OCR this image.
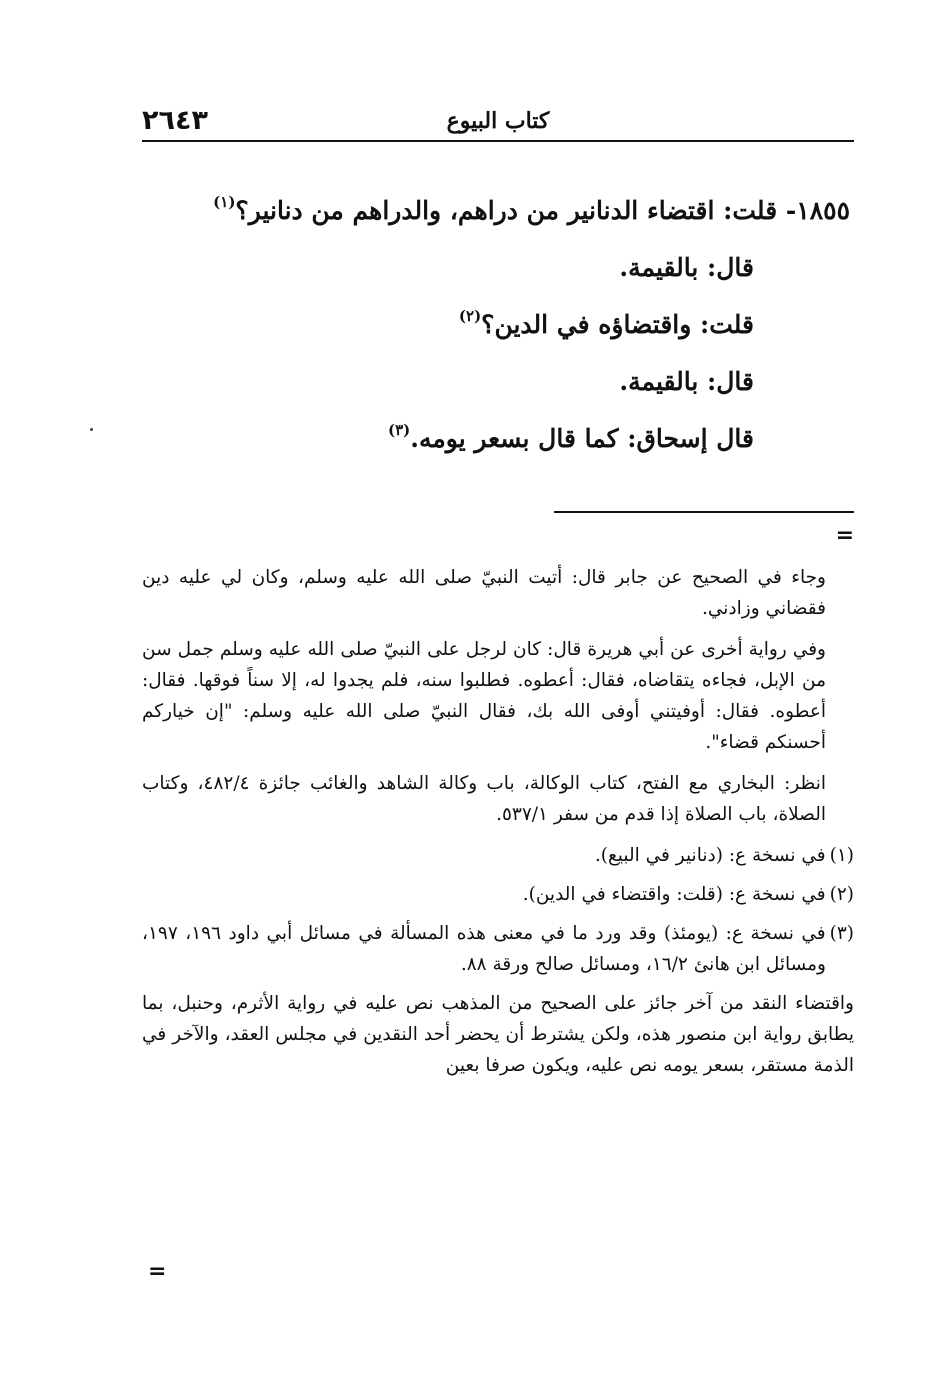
٢٦٤٣	كتاب البيوع
١٨٥٥- قلت: اقتضاء الدنانير من دراهم، والدراهم من دنانير؟$^{(١)}$
قال: بالقيمة.
قلت: واقتضاؤه في الدين؟$^{(٢)}$
قال: بالقيمة.
قال إسحاق: كما قال بسعر يومه.$^{(٣)}$
=

وجاء في الصحيح عن جابر قال: أتيت النبيّ صلى الله عليه وسلم، وكان لي عليه دين فقضاني وزادني.

وفي رواية أخرى عن أبي هريرة قال: كان لرجل على النبيّ صلى الله عليه وسلم جمل سن من الإبل، فجاءه يتقاضاه، فقال: أعطوه. فطلبوا سنه، فلم يجدوا له، إلا سناً فوقها. فقال: أعطوه. فقال: أوفيتني أوفى الله بك، فقال النبيّ صلى الله عليه وسلم: "إن خياركم أحسنكم قضاء".

انظر: البخاري مع الفتح، كتاب الوكالة، باب وكالة الشاهد والغائب جائزة ٤٨٢/٤، وكتاب الصلاة، باب الصلاة إذا قدم من سفر ٥٣٧/١.

(١)في نسخة ع: (دنانير في البيع).

(٢)في نسخة ع: (قلت: واقتضاء في الدين).

(٣)في نسخة ع: (يومئذ) وقد ورد ما في معنى هذه المسألة في مسائل أبي داود ١٩٦، ١٩٧، ومسائل ابن هانئ ١٦/٢، ومسائل صالح ورقة ٨٨.

واقتضاء النقد من آخر جائز على الصحيح من المذهب نص عليه في رواية الأثرم، وحنبل، بما يطابق رواية ابن منصور هذه، ولكن يشترط أن يحضر أحد النقدين في مجلس العقد، والآخر في الذمة مستقر، بسعر يومه نص عليه، ويكون صرفا بعين

=
